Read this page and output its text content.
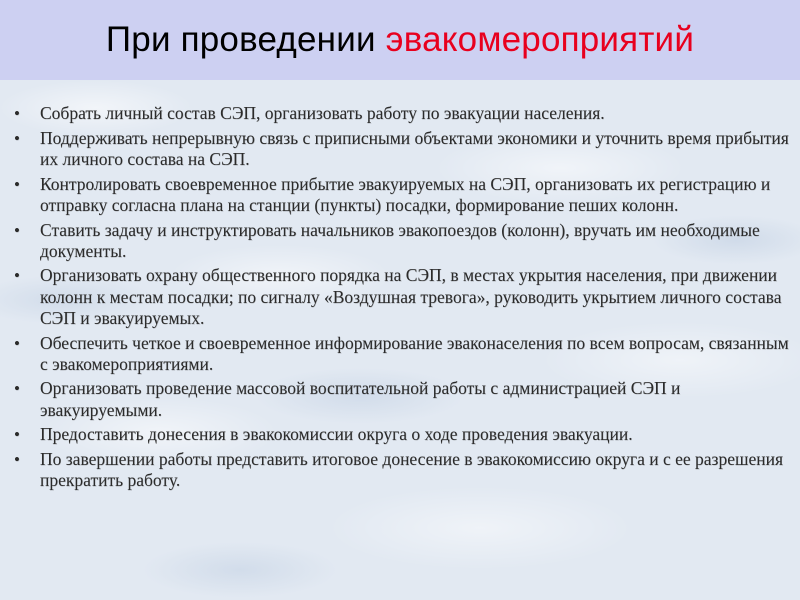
При проведении эвакомероприятий
• Собрать личный состав СЭП, организовать работу по эвакуации населения.
• Поддерживать непрерывную связь с приписными объектами экономики и уточнить время прибытия их личного состава на СЭП.
• Контролировать своевременное прибытие эвакуируемых на СЭП, организовать их регистрацию и отправку согласна плана на станции (пункты) посадки, формирование пеших колонн.
• Ставить задачу и инструктировать начальников эвакопоездов (колонн), вручать им необходимые документы.
• Организовать охрану общественного порядка на СЭП, в местах укрытия населения, при движении колонн к местам посадки; по сигналу «Воздушная тревога», руководить укрытием личного состава СЭП и эвакуируемых.
• Обеспечить четкое и своевременное информирование эваконаселения по всем вопросам, связанным с эвакомероприятиями.
• Организовать проведение массовой воспитательной работы с администрацией СЭП и эвакуируемыми.
• Предоставить донесения в эвакокомиссии округа о ходе проведения эвакуации.
• По завершении работы представить итоговое донесение в эвакокомиссию округа и с ее разрешения прекратить работу.
